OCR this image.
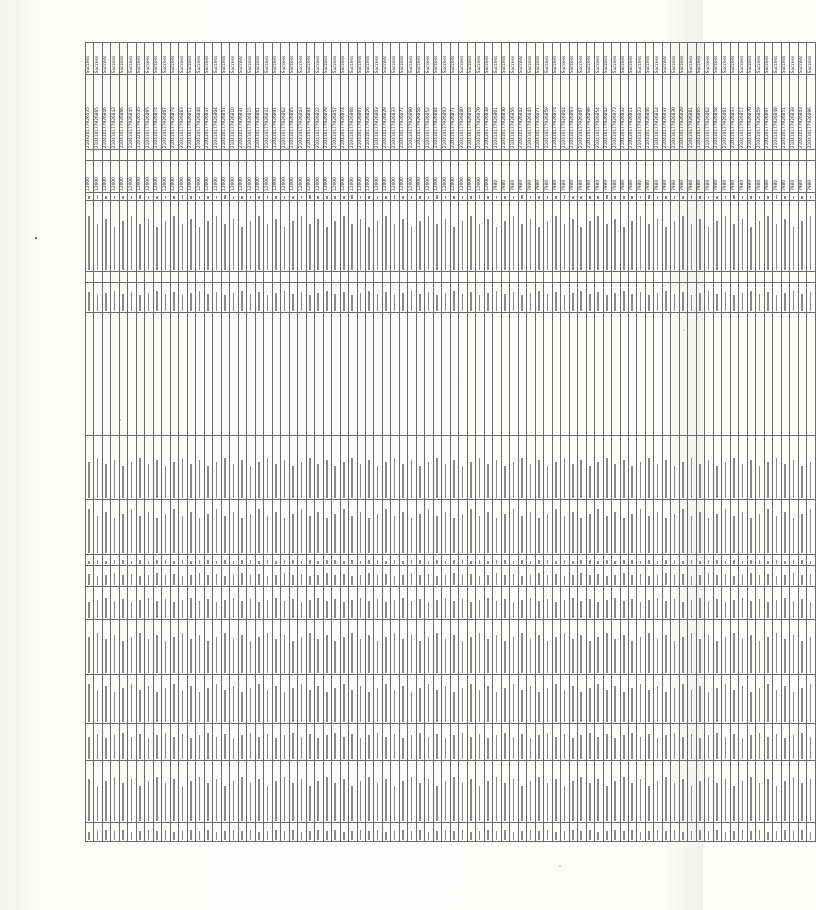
															12000		210320177926535	Success
															12000		210410177926865	Success
															12000		210410177926846	Success
															12000		210410177926842	Success
															12000		210410177926866	Success
															12000		210410177926845	Success
															12000		210320177926535	Success
															12000		210410177926895	Success
															12000		210410177926874	Success
															12000		210410177926867	Success
															12000		210410177926874	Success
															12000		210410177926883	Success
															12000		210410177926817	Success
															12000		210410177926848	Success
															12000		210410177926837	Success
															12000		210410177926804	Success
															12000		210410177926851	Success
															12000		210410177926810	Success
															12000		210410177926831	Success
															12000		210410177926815	Success
															12000		210410177926861	Success
															12000		210410177926841	Success
															12000		210410177926801	Success
															12000		210410177926862	Success
															12000		210410177926885	Success
															12000		210410177926843	Success
															12000		210410177926884	Success
															12000		210410177926822	Success
															12000		210410177926879	Success
															12000		210410177926857	Success
															12000		210410177926874	Success
															12000		210410177926868	Success
															12000		210410177926807	Success
															12000		210410177926826	Success
															12000		210410177926803	Success
															12000		210410177926829	Success
															12000		210410177926833	Success
															12000		210410177926877	Success
															12000		210410177926890	Success
															12000		210410177926856	Success
															12000		210410177926852	Success
															12000		210410177926884	Success
															12000		210410177926893	Success
															12000		210410177926871	Success
															12000		210410177926880	Success
															12000		210410177926819	Success
															12000		210410177926870	Success
															12000		210410177926838	Success
															7980		210410177926801	Success
															7980		210410177926830	Success
															7980		210410177926856	Success
															7980		210410177926842	Success
															7980		210410177926845	Success
															7980		210410177926871	Success
															7980		210410177926859	Success
															7980		210410177926874	Success
															7980		210410177926804	Success
															7980		210410177926893	Success
															7980		210410177926867	Success
															7980		210410177926896	Success
															7980		210410177926854	Success
															7980		210410177926842	Success
															7980		210410177926873	Success
															7980		210410177926832	Success
															7980		210410177926811	Success
															7980		210410177926823	Success
															7980		210410177926846	Success
															7980		210410177926814	Success
															7980		210410177926837	Success
															7980		210410177926830	Success
															7980		210410177926829	Success
															7980		210410177926881	Success
															7980		210410177926865	Success
															7980		210410177926862	Success
															7980		210410177926858	Success
															7980		210410177926861	Success
															7980		210410177926833	Success
															7980		210410177926817	Success
															7980		210410177926870	Success
															7980		210410177926859	Success
															7980		210410177926807	Success
															7980		210410177926849	Success
															7980		210410177926851	Success
															7980		210410177926838	Success
															7980		210410177926843	Success
															7980		210410177926896	Success
